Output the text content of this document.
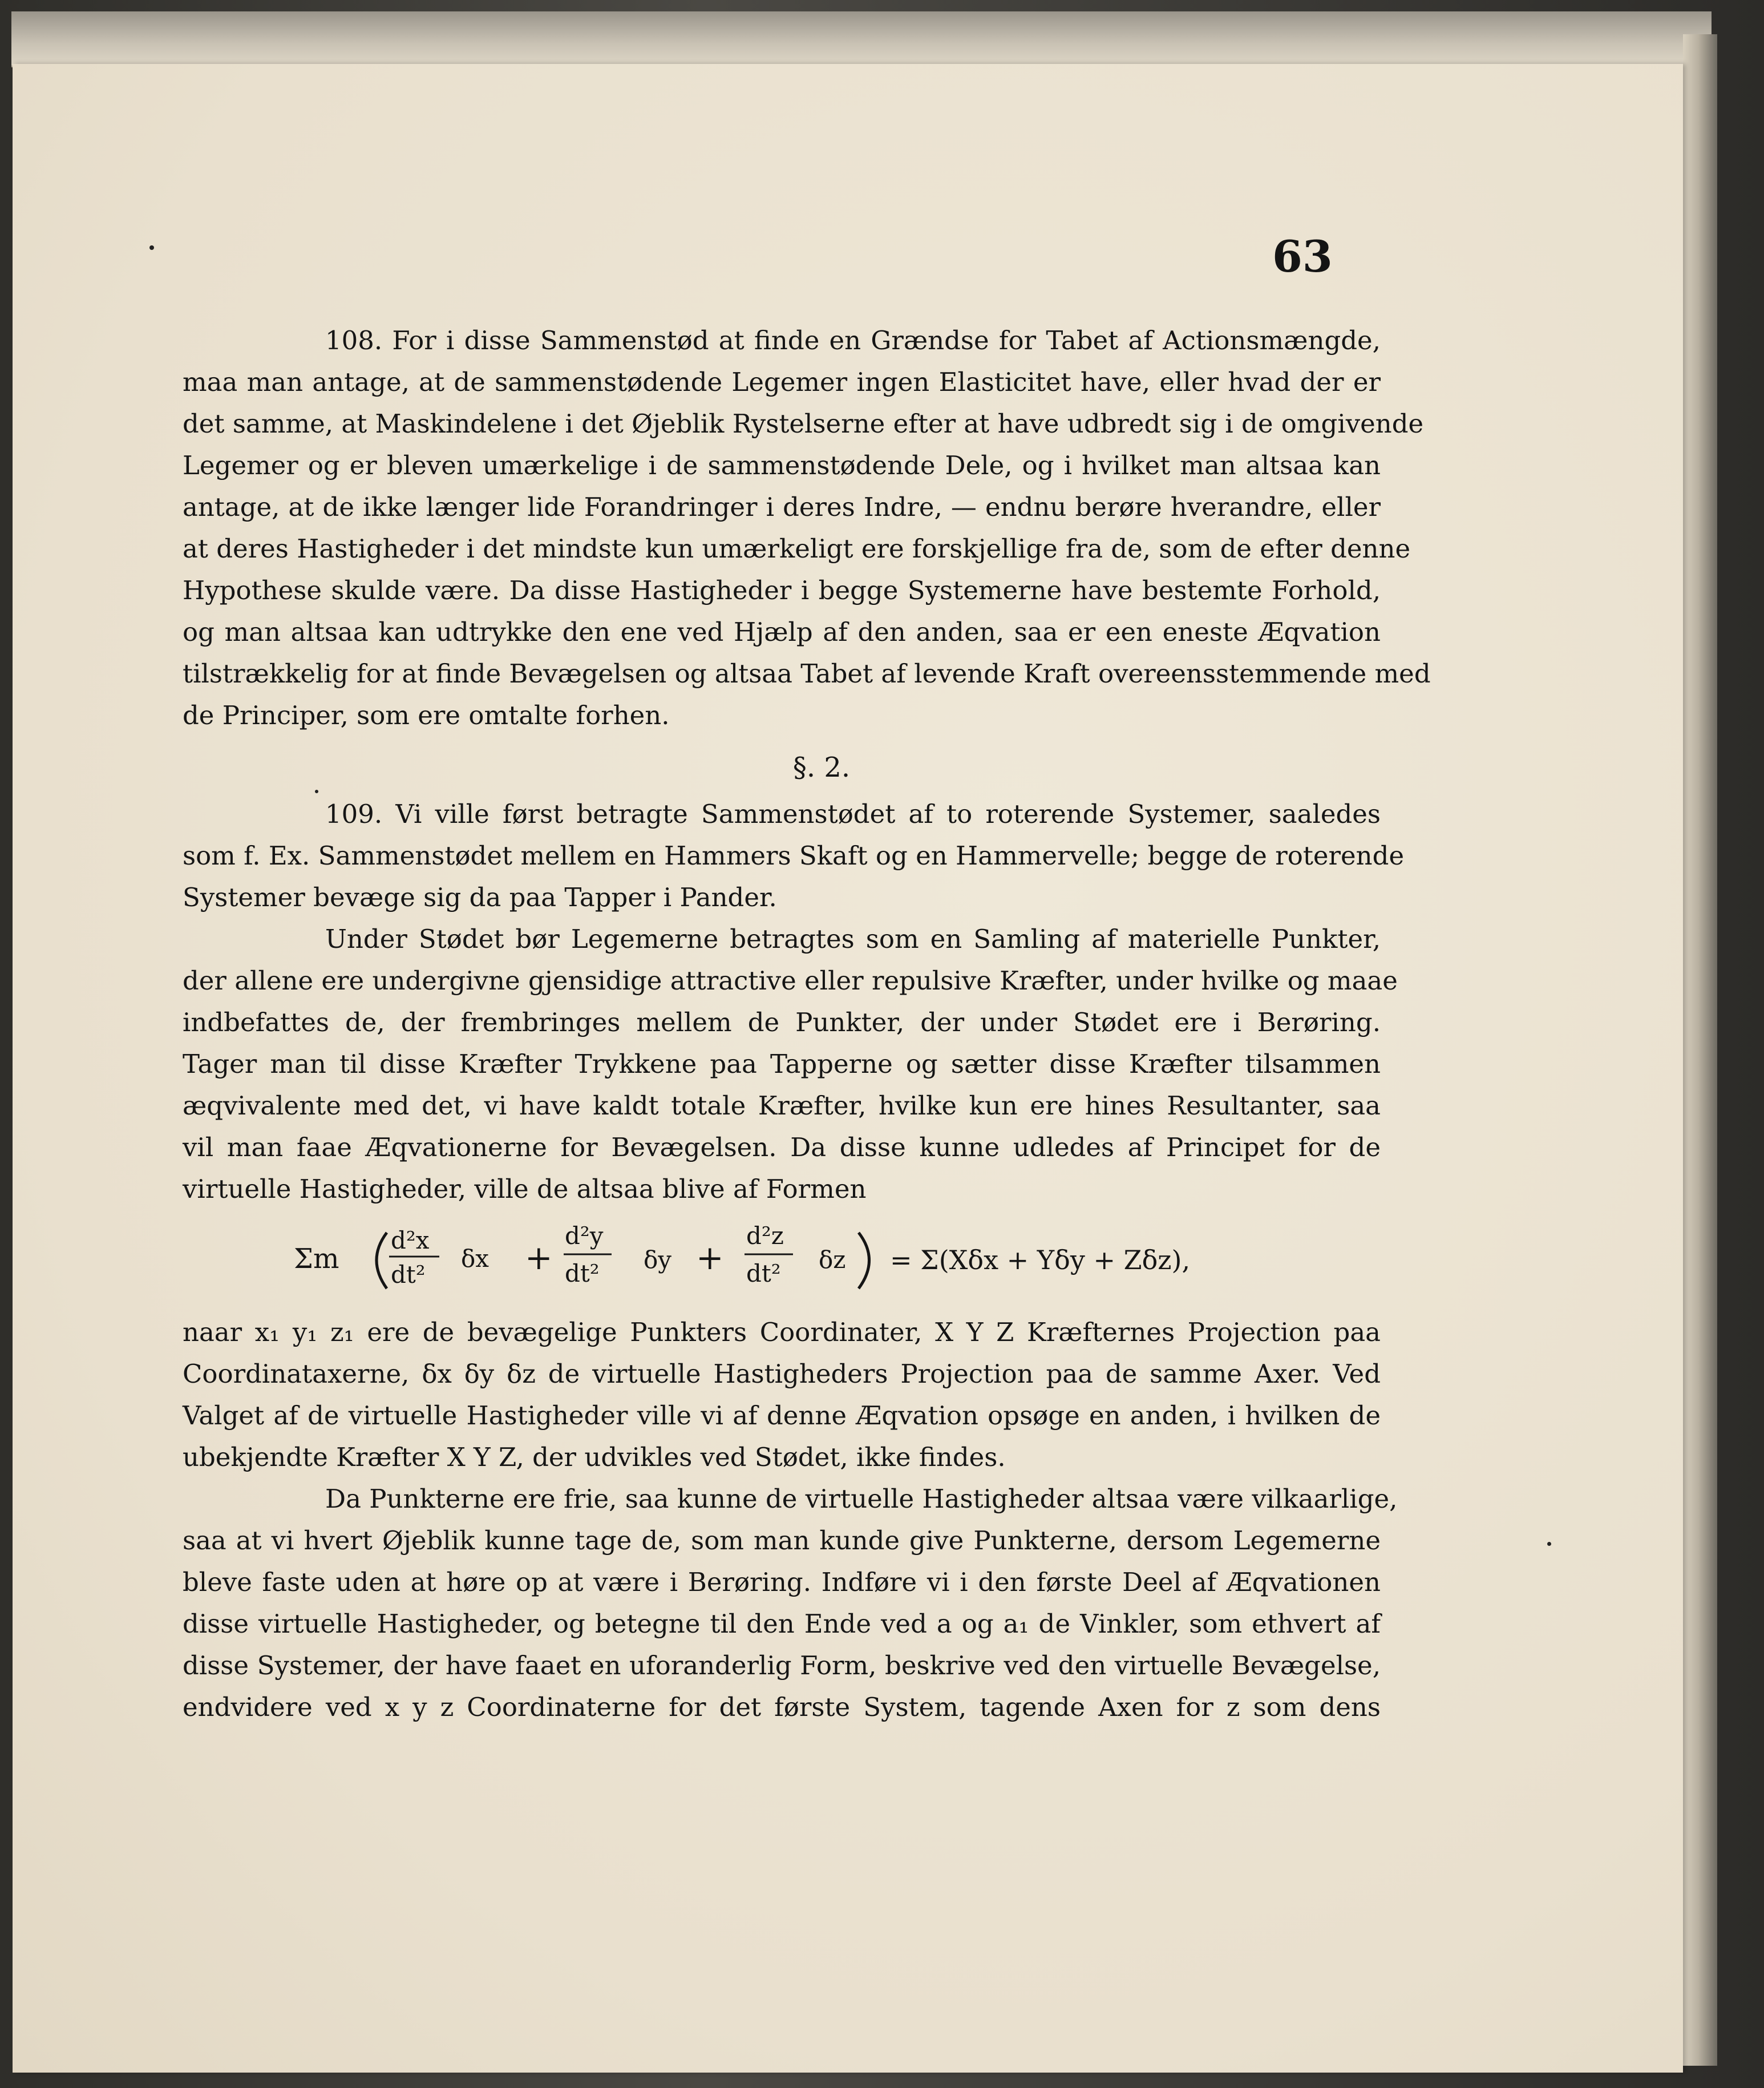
63
108. For i disse Sammenstød at finde en Grændse for Tabet af Actionsmængde,
maa man antage, at de sammenstødende Legemer ingen Elasticitet have, eller hvad der er
det samme, at Maskindelene i det Øjeblik Rystelserne efter at have udbredt sig i de omgivende
Legemer og er bleven umærkelige i de sammenstødende Dele, og i hvilket man altsaa kan
antage, at de ikke længer lide Forandringer i deres Indre, — endnu berøre hverandre, eller
at deres Hastigheder i det mindste kun umærkeligt ere forskjellige fra de, som de efter denne
Hypothese skulde være. Da disse Hastigheder i begge Systemerne have bestemte Forhold,
og man altsaa kan udtrykke den ene ved Hjælp af den anden, saa er een eneste Æqvation
tilstrækkelig for at finde Bevægelsen og altsaa Tabet af levende Kraft overeensstemmende med
de Principer, som ere omtalte forhen.
§. 2.
109. Vi ville først betragte Sammenstødet af to roterende Systemer, saaledes
som f. Ex. Sammenstødet mellem en Hammers Skaft og en Hammervelle; begge de roterende
Systemer bevæge sig da paa Tapper i Pander.
Under Stødet bør Legemerne betragtes som en Samling af materielle Punkter,
der allene ere undergivne gjensidige attractive eller repulsive Kræfter, under hvilke og maae
indbefattes de, der frembringes mellem de Punkter, der under Stødet ere i Berøring.
Tager man til disse Kræfter Trykkene paa Tapperne og sætter disse Kræfter tilsammen
æqvivalente med det, vi have kaldt totale Kræfter, hvilke kun ere hines Resultanter, saa
vil man faae Æqvationerne for Bevægelsen. Da disse kunne udledes af Principet for de
virtuelle Hastigheder, ville de altsaa blive af Formen
Σm
d²x
dt²
δx +
d²y
dt² δy +
d²z
dt² δz = Σ(Xδx + Yδy + Zδz),
naar x₁ y₁ z₁ ere de bevægelige Punkters Coordinater, X Y Z Kræfternes Projection paa
Coordinataxerne, δx δy δz de virtuelle Hastigheders Projection paa de samme Axer. Ved
Valget af de virtuelle Hastigheder ville vi af denne Æqvation opsøge en anden, i hvilken de
ubekjendte Kræfter X Y Z, der udvikles ved Stødet, ikke findes.
Da Punkterne ere frie, saa kunne de virtuelle Hastigheder altsaa være vilkaarlige,
saa at vi hvert Øjeblik kunne tage de, som man kunde give Punkterne, dersom Legemerne
bleve faste uden at høre op at være i Berøring. Indføre vi i den første Deel af Æqvationen
disse virtuelle Hastigheder, og betegne til den Ende ved a og a₁ de Vinkler, som ethvert af
disse Systemer, der have faaet en uforanderlig Form, beskrive ved den virtuelle Bevægelse,
endvidere ved x y z Coordinaterne for det første System, tagende Axen for z som dens
